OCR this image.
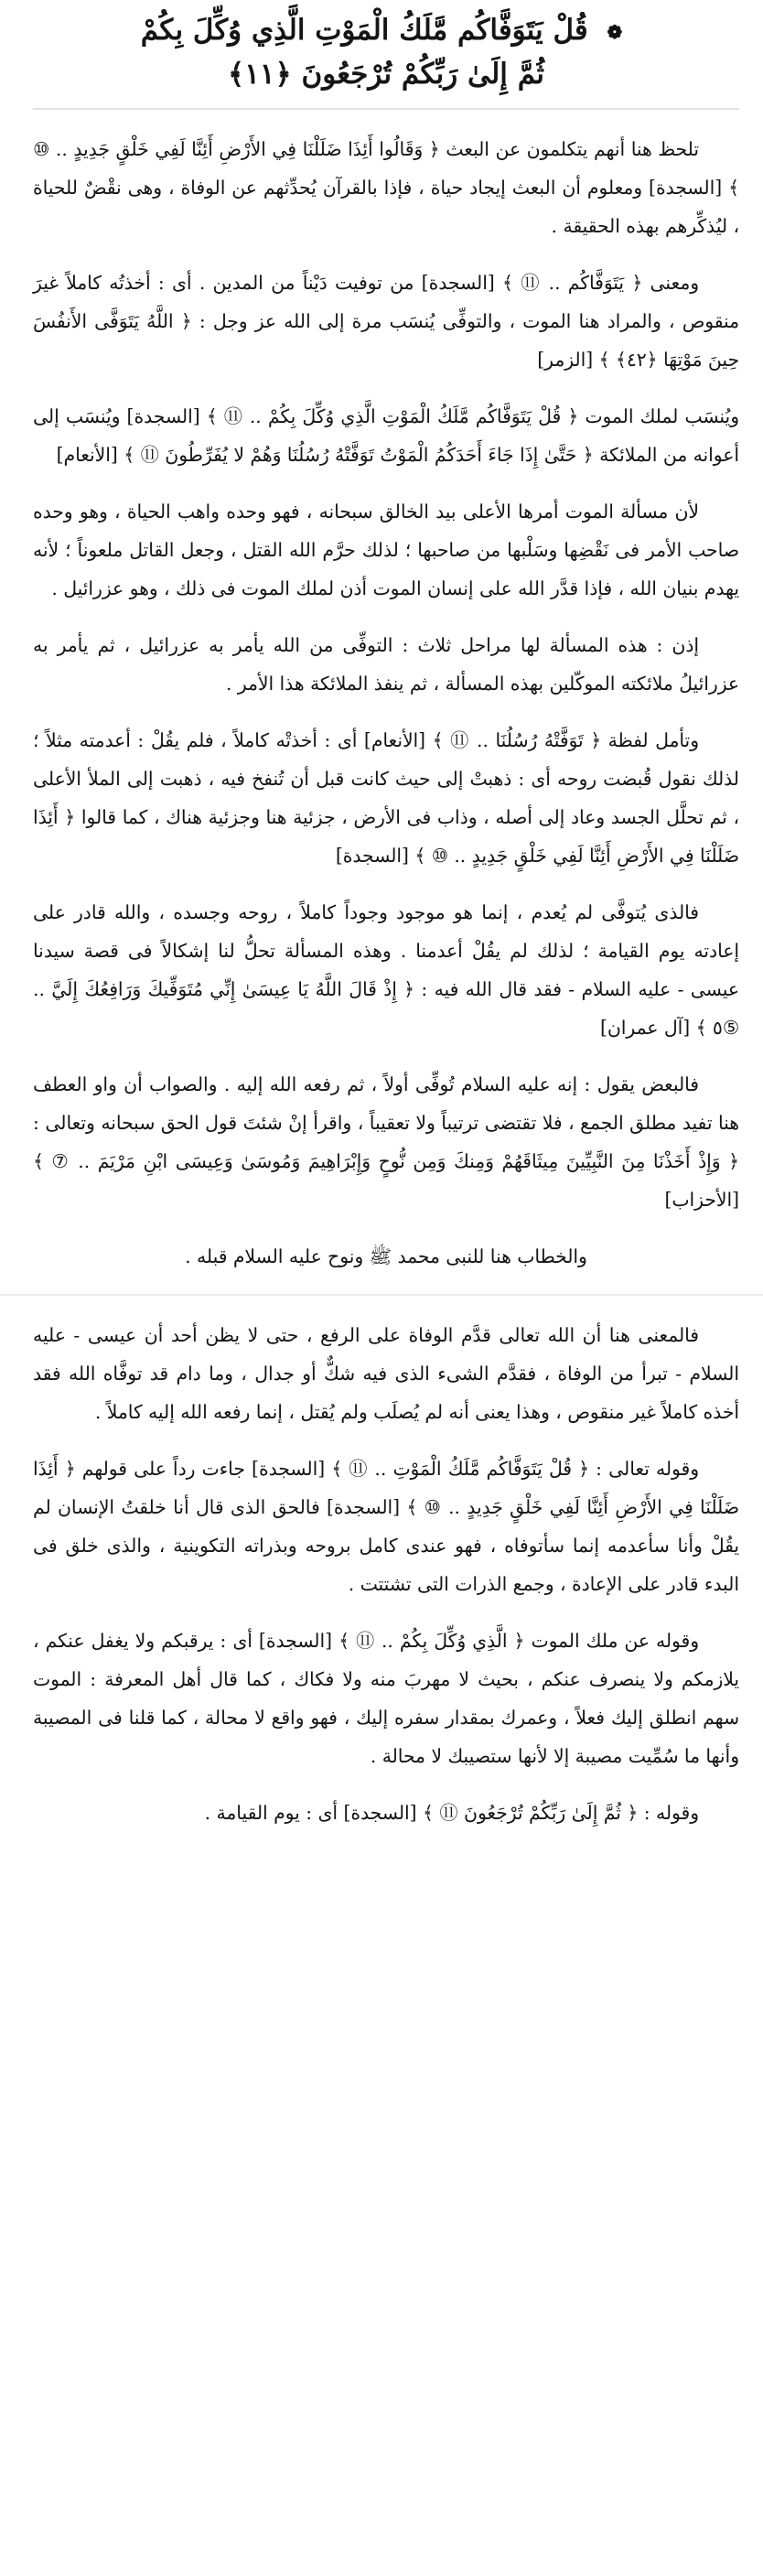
❁ قُلْ يَتَوَفَّاكُم مَّلَكُ الْمَوْتِ الَّذِي وُكِّلَ بِكُمْ
ثُمَّ إِلَىٰ رَبِّكُمْ تُرْجَعُونَ ﴿١١﴾

تلحظ هنا أنهم يتكلمون عن البعث ﴿ وَقَالُوا أَئِذَا ضَلَلْنَا فِي الأَرْضِ أَئِنَّا لَفِي خَلْقٍ جَدِيدٍ .. ⑩ ﴾ [السجدة] ومعلوم أن البعث إيجاد حياة ، فإذا بالقرآن يُحدِّثهم عن الوفاة ، وهى نقْضٌ للحياة ، ليُذكِّرهم بهذه الحقيقة .

ومعنى ﴿ يَتَوَفَّاكُم .. ⑪ ﴾ [السجدة] من توفيت دَيْناً من المدين . أى : أخذتُه كاملاً غيرَ منقوص ، والمراد هنا الموت ، والتوفِّى يُنسَب مرة إلى الله عز وجل : ﴿ اللَّهُ يَتَوَفَّى الأَنفُسَ حِينَ مَوْتِهَا ﴿٤٢﴾ ﴾ [الزمر]

ويُنسَب لملك الموت ﴿ قُلْ يَتَوَفَّاكُم مَّلَكُ الْمَوْتِ الَّذِي وُكِّلَ بِكُمْ .. ⑪ ﴾ [السجدة] ويُنسَب إلى أعوانه من الملائكة ﴿ حَتَّىٰ إِذَا جَاءَ أَحَدَكُمُ الْمَوْتُ تَوَفَّتْهُ رُسُلُنَا وَهُمْ لا يُفَرِّطُونَ ⑪ ﴾ [الأنعام]

لأن مسألة الموت أمرها الأعلى بيد الخالق سبحانه ، فهو وحده واهب الحياة ، وهو وحده صاحب الأمر فى نَقْضِها وسَلْبها من صاحبها ؛ لذلك حرَّم الله القتل ، وجعل القاتل ملعوناً ؛ لأنه يهدم بنيان الله ، فإذا قدَّر الله على إنسان الموت أذن لملك الموت فى ذلك ، وهو عزرائيل .

إذن : هذه المسألة لها مراحل ثلاث : التوفِّى من الله يأمر به عزرائيل ، ثم يأمر به عزرائيلُ ملائكته الموكّلين بهذه المسألة ، ثم ينفذ الملائكة هذا الأمر .

وتأمل لفظة ﴿ تَوَفَّتْهُ رُسُلُنَا .. ⑪ ﴾ [الأنعام] أى : أخذتْه كاملاً ، فلم يقُلْ : أعدمته مثلاً ؛ لذلك نقول قُبضت روحه أى : ذهبتْ إلى حيث كانت قبل أن تُنفخ فيه ، ذهبت إلى الملأ الأعلى ، ثم تحلَّل الجسد وعاد إلى أصله ، وذاب فى الأرض ، جزئية هنا وجزئية هناك ، كما قالوا ﴿ أَئِذَا ضَلَلْنَا فِي الأَرْضِ أَئِنَّا لَفِي خَلْقٍ جَدِيدٍ .. ⑩ ﴾ [السجدة]

فالذى يُتوفَّى لم يُعدم ، إنما هو موجود وجوداً كاملاً ، روحه وجسده ، والله قادر على إعادته يوم القيامة ؛ لذلك لم يقُلْ أعدمنا . وهذه المسألة تحلُّ لنا إشكالاً فى قصة سيدنا عيسى - عليه السلام - فقد قال الله فيه : ﴿ إِذْ قَالَ اللَّهُ يَا عِيسَىٰ إِنِّي مُتَوَفِّيكَ وَرَافِعُكَ إِلَيَّ .. ⑤٥ ﴾ [آل عمران]

فالبعض يقول : إنه عليه السلام تُوفِّى أولاً ، ثم رفعه الله إليه . والصواب أن واو العطف هنا تفيد مطلق الجمع ، فلا تقتضى ترتيباً ولا تعقيباً ، واقرأ إنْ شئتَ قول الحق سبحانه وتعالى : ﴿ وَإِذْ أَخَذْنَا مِنَ النَّبِيِّينَ مِيثَاقَهُمْ وَمِنكَ وَمِن نُّوحٍ وَإِبْرَاهِيمَ وَمُوسَىٰ وَعِيسَى ابْنِ مَرْيَمَ .. ⑦ ﴾ [الأحزاب]

والخطاب هنا للنبى محمد ﷺ ونوح عليه السلام قبله .

فالمعنى هنا أن الله تعالى قدَّم الوفاة على الرفع ، حتى لا يظن أحد أن عيسى - عليه السلام - تبرأ من الوفاة ، فقدَّم الشىء الذى فيه شكٌّ أو جدال ، وما دام قد توفَّاه الله فقد أخذه كاملاً غير منقوص ، وهذا يعنى أنه لم يُصلَب ولم يُقتل ، إنما رفعه الله إليه كاملاً .

وقوله تعالى : ﴿ قُلْ يَتَوَفَّاكُم مَّلَكُ الْمَوْتِ .. ⑪ ﴾ [السجدة] جاءت رداً على قولهم ﴿ أَئِذَا ضَلَلْنَا فِي الأَرْضِ أَئِنَّا لَفِي خَلْقٍ جَدِيدٍ .. ⑩ ﴾ [السجدة] فالحق الذى قال أنا خلقتُ الإنسان لم يقُلْ وأنا سأعدمه إنما سأتوفاه ، فهو عندى كامل بروحه وبذراته التكوينية ، والذى خلق فى البدء قادر على الإعادة ، وجمع الذرات التى تشتتت .

وقوله عن ملك الموت ﴿ الَّذِي وُكِّلَ بِكُمْ .. ⑪ ﴾ [السجدة] أى : يرقبكم ولا يغفل عنكم ، يلازمكم ولا ينصرف عنكم ، بحيث لا مهربَ منه ولا فكاك ، كما قال أهل المعرفة : الموت سهم انطلق إليك فعلاً ، وعمرك بمقدار سفره إليك ، فهو واقع لا محالة ، كما قلنا فى المصيبة وأنها ما سُمِّيت مصيبة إلا لأنها ستصيبك لا محالة .

وقوله : ﴿ ثُمَّ إِلَىٰ رَبِّكُمْ تُرْجَعُونَ ⑪ ﴾ [السجدة] أى : يوم القيامة .
